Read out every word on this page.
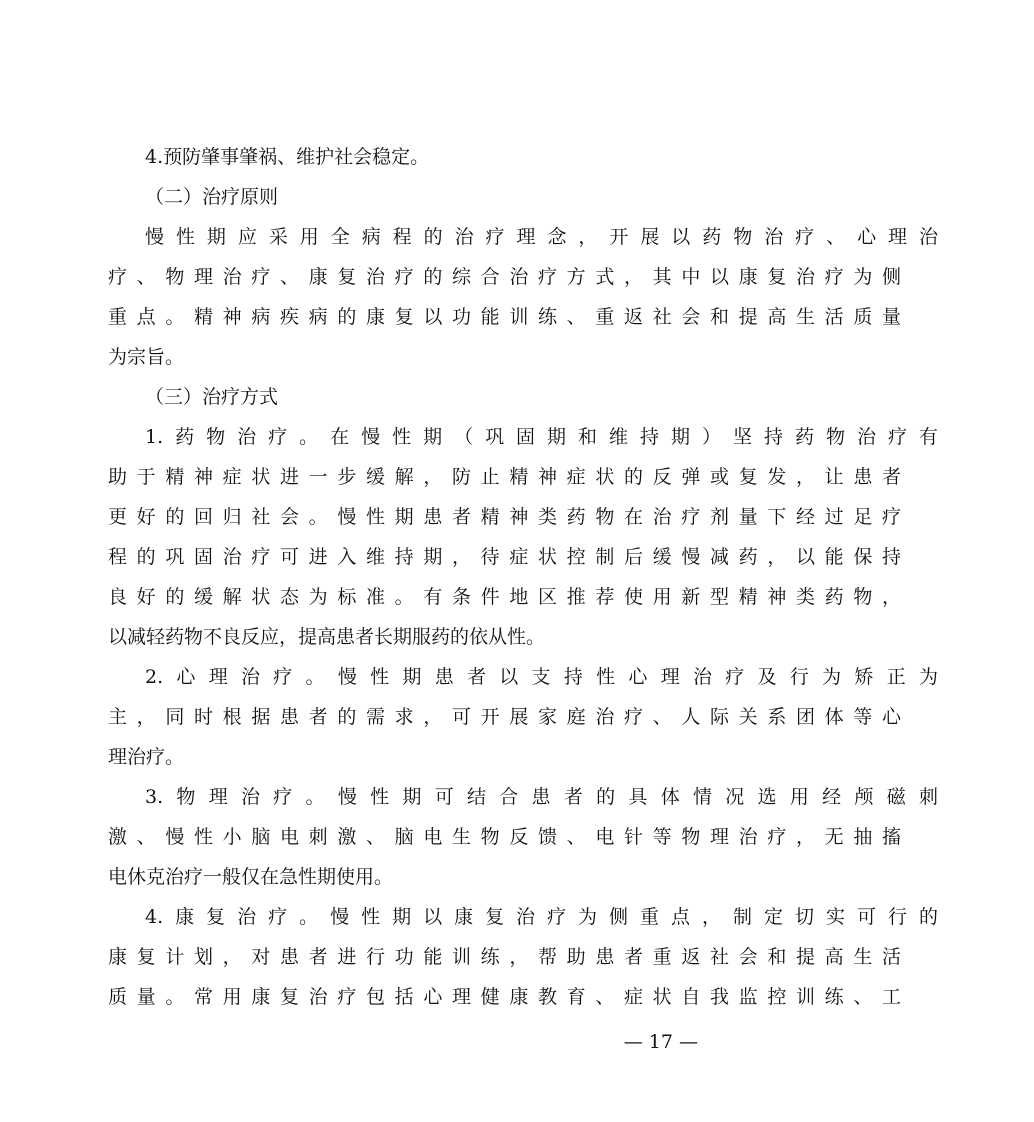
4.预防肇事肇祸、维护社会稳定。
（二）治疗原则
慢性期应采用全病程的治疗理念，开展以药物治疗、心理治
疗、物理治疗、康复治疗的综合治疗方式，其中以康复治疗为侧
重点。精神病疾病的康复以功能训练、重返社会和提高生活质量
为宗旨。
（三）治疗方式
1.药物治疗。在慢性期（巩固期和维持期）坚持药物治疗有
助于精神症状进一步缓解，防止精神症状的反弹或复发，让患者
更好的回归社会。慢性期患者精神类药物在治疗剂量下经过足疗
程的巩固治疗可进入维持期，待症状控制后缓慢减药，以能保持
良好的缓解状态为标准。有条件地区推荐使用新型精神类药物，
以减轻药物不良反应，提高患者长期服药的依从性。
2.心理治疗。慢性期患者以支持性心理治疗及行为矫正为
主，同时根据患者的需求，可开展家庭治疗、人际关系团体等心
理治疗。
3.物理治疗。慢性期可结合患者的具体情况选用经颅磁刺
激、慢性小脑电刺激、脑电生物反馈、电针等物理治疗，无抽搐
电休克治疗一般仅在急性期使用。
4.康复治疗。慢性期以康复治疗为侧重点，制定切实可行的
康复计划，对患者进行功能训练，帮助患者重返社会和提高生活
质量。常用康复治疗包括心理健康教育、症状自我监控训练、工
— 17 —
